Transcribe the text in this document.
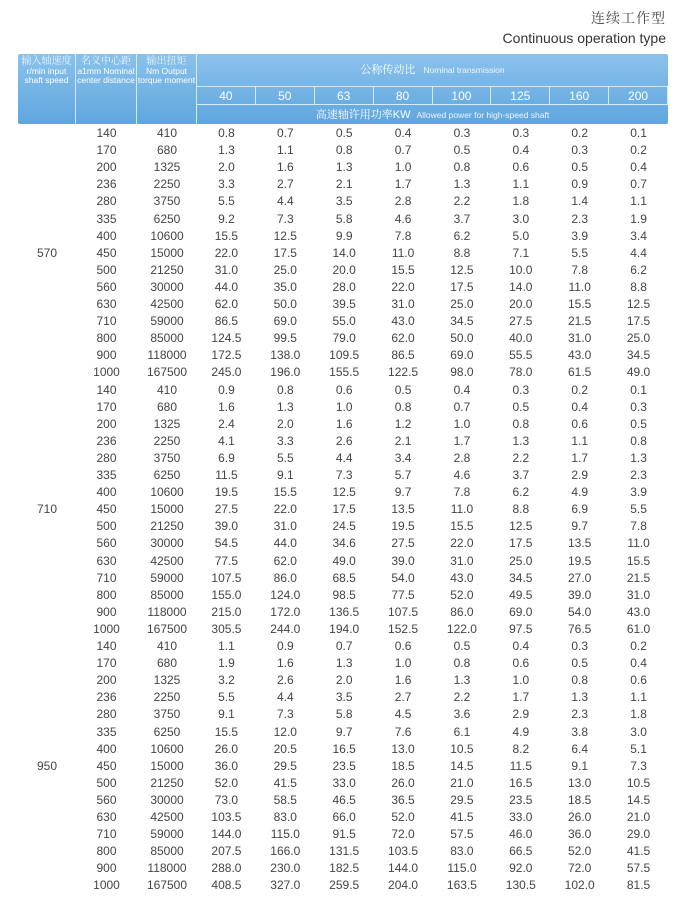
连续工作型
Continuous operation type
输入轴速度
r/min input shaft speed
名义中心距
a1mm Nominal center distance
输出扭矩
Nm Output torque moment
公称传动比 Nominal transmission
40	50	63	80	100	125	160	200
高速轴许用功率KW Allowed power for high-speed shaft
570
140	410	0.8	0.7	0.5	0.4	0.3	0.3	0.2	0.1
170	680	1.3	1.1	0.8	0.7	0.5	0.4	0.3	0.2
200	1325	2.0	1.6	1.3	1.0	0.8	0.6	0.5	0.4
236	2250	3.3	2.7	2.1	1.7	1.3	1.1	0.9	0.7
280	3750	5.5	4.4	3.5	2.8	2.2	1.8	1.4	1.1
335	6250	9.2	7.3	5.8	4.6	3.7	3.0	2.3	1.9
400	10600	15.5	12.5	9.9	7.8	6.2	5.0	3.9	3.4
450	15000	22.0	17.5	14.0	11.0	8.8	7.1	5.5	4.4
500	21250	31.0	25.0	20.0	15.5	12.5	10.0	7.8	6.2
560	30000	44.0	35.0	28.0	22.0	17.5	14.0	11.0	8.8
630	42500	62.0	50.0	39.5	31.0	25.0	20.0	15.5	12.5
710	59000	86.5	69.0	55.0	43.0	34.5	27.5	21.5	17.5
800	85000	124.5	99.5	79.0	62.0	50.0	40.0	31.0	25.0
900	118000	172.5	138.0	109.5	86.5	69.0	55.5	43.0	34.5
1000	167500	245.0	196.0	155.5	122.5	98.0	78.0	61.5	49.0
710
140	410	0.9	0.8	0.6	0.5	0.4	0.3	0.2	0.1
170	680	1.6	1.3	1.0	0.8	0.7	0.5	0.4	0.3
200	1325	2.4	2.0	1.6	1.2	1.0	0.8	0.6	0.5
236	2250	4.1	3.3	2.6	2.1	1.7	1.3	1.1	0.8
280	3750	6.9	5.5	4.4	3.4	2.8	2.2	1.7	1.3
335	6250	11.5	9.1	7.3	5.7	4.6	3.7	2.9	2.3
400	10600	19.5	15.5	12.5	9.7	7.8	6.2	4.9	3.9
450	15000	27.5	22.0	17.5	13.5	11.0	8.8	6.9	5.5
500	21250	39.0	31.0	24.5	19.5	15.5	12.5	9.7	7.8
560	30000	54.5	44.0	34.6	27.5	22.0	17.5	13.5	11.0
630	42500	77.5	62.0	49.0	39.0	31.0	25.0	19.5	15.5
710	59000	107.5	86.0	68.5	54.0	43.0	34.5	27.0	21.5
800	85000	155.0	124.0	98.5	77.5	52.0	49.5	39.0	31.0
900	118000	215.0	172.0	136.5	107.5	86.0	69.0	54.0	43.0
1000	167500	305.5	244.0	194.0	152.5	122.0	97.5	76.5	61.0
950
140	410	1.1	0.9	0.7	0.6	0.5	0.4	0.3	0.2
170	680	1.9	1.6	1.3	1.0	0.8	0.6	0.5	0.4
200	1325	3.2	2.6	2.0	1.6	1.3	1.0	0.8	0.6
236	2250	5.5	4.4	3.5	2.7	2.2	1.7	1.3	1.1
280	3750	9.1	7.3	5.8	4.5	3.6	2.9	2.3	1.8
335	6250	15.5	12.0	9.7	7.6	6.1	4.9	3.8	3.0
400	10600	26.0	20.5	16.5	13.0	10.5	8.2	6.4	5.1
450	15000	36.0	29.5	23.5	18.5	14.5	11.5	9.1	7.3
500	21250	52.0	41.5	33.0	26.0	21.0	16.5	13.0	10.5
560	30000	73.0	58.5	46.5	36.5	29.5	23.5	18.5	14.5
630	42500	103.5	83.0	66.0	52.0	41.5	33.0	26.0	21.0
710	59000	144.0	115.0	91.5	72.0	57.5	46.0	36.0	29.0
800	85000	207.5	166.0	131.5	103.5	83.0	66.5	52.0	41.5
900	118000	288.0	230.0	182.5	144.0	115.0	92.0	72.0	57.5
1000	167500	408.5	327.0	259.5	204.0	163.5	130.5	102.0	81.5
